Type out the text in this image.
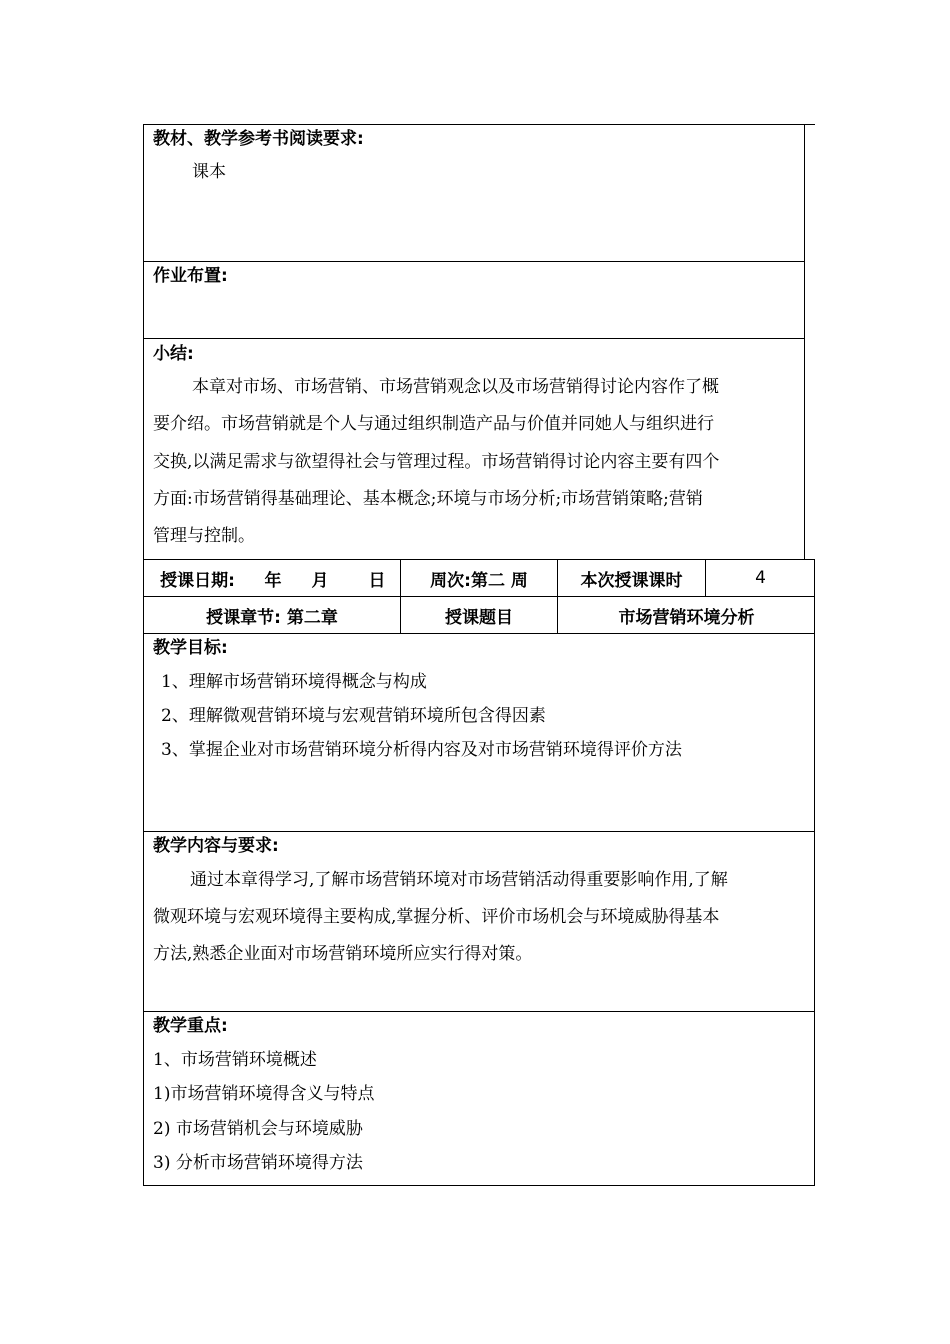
教材、教学参考书阅读要求:
课本
作业布置:
小结:
本章对市场、市场营销、市场营销观念以及市场营销得讨论内容作了概
要介绍。市场营销就是个人与通过组织制造产品与价值并同她人与组织进行
交换,以满足需求与欲望得社会与管理过程。市场营销得讨论内容主要有四个
方面:市场营销得基础理论、基本概念;环境与市场分析;市场营销策略;营销
管理与控制。
授课日期:	年	月	日	周次:第二 周	本次授课课时	4
授课章节: 第二章	授课题目	市场营销环境分析
教学目标:
1、理解市场营销环境得概念与构成
2、理解微观营销环境与宏观营销环境所包含得因素
3、掌握企业对市场营销环境分析得内容及对市场营销环境得评价方法
教学内容与要求:
通过本章得学习,了解市场营销环境对市场营销活动得重要影响作用,了解
微观环境与宏观环境得主要构成,掌握分析、评价市场机会与环境威胁得基本
方法,熟悉企业面对市场营销环境所应实行得对策。
教学重点:
1、市场营销环境概述
1)市场营销环境得含义与特点
2) 市场营销机会与环境威胁
3) 分析市场营销环境得方法
